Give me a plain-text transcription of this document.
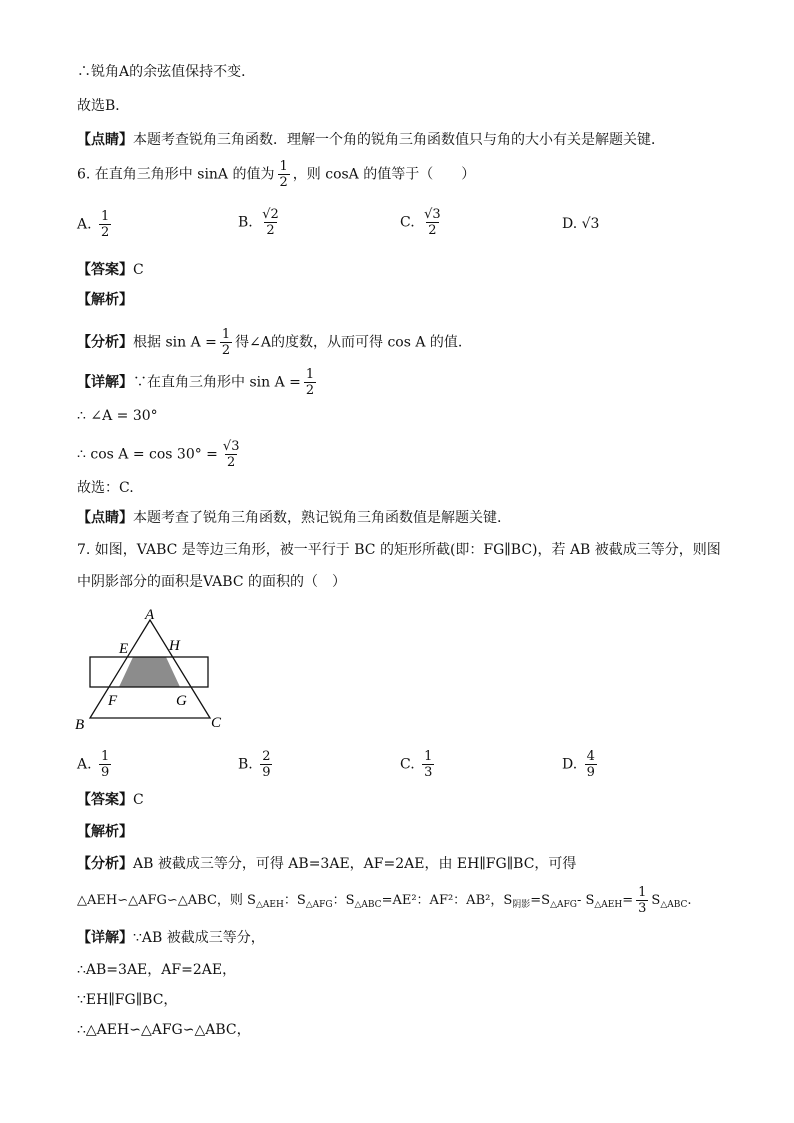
∴锐角A的余弦值保持不变．
故选B．
【点睛】本题考查锐角三角函数．理解一个角的锐角三角函数值只与角的大小有关是解题关键．
6. 在直角三角形中 sinA 的值为 $\frac{1}{2}$ ，则 cosA 的值等于（　　）
A. $\frac{1}{2}$	B. $\frac{√2}{2}$	C. $\frac{√3}{2}$	D. √3
【答案】C
【解析】
【分析】根据 $\sin A = \frac{1}{2}$ 得∠A的度数，从而可得 cos A 的值.
【详解】∵在直角三角形中 $\sin A = \frac{1}{2}$
∴ ∠A = 30°
∴ $\cos A = \cos 30^\circ = \frac{√3}{2}$
故选：C.
【点睛】本题考查了锐角三角函数，熟记锐角三角函数值是解题关键.
7. 如图，VABC 是等边三角形，被一平行于 BC 的矩形所截(即：FG∥BC)，若 AB 被截成三等分，则图
中阴影部分的面积是VABC 的面积的（　）
A
E	H
F	G
B	C
A. $\frac{1}{9}$	B. $\frac{2}{9}$	C. $\frac{1}{3}$	D. $\frac{4}{9}$
【答案】C
【解析】
【分析】AB 被截成三等分，可得 AB=3AE，AF=2AE，由 EH∥FG∥BC，可得
△AEH∽△AFG∽△ABC，则 $S_{\triangle AEH}$：$S_{\triangle AFG}$：$S_{\triangle ABC}=AE^2$：AF²：AB²，$S_{阴影}=S_{\triangle AFG}-$ $S_{\triangle AEH}= \frac{1}{3} S_{\triangle ABC}$.
【详解】∵AB 被截成三等分，
∴AB=3AE，AF=2AE，
∵EH∥FG∥BC，
∴△AEH∽△AFG∽△ABC，
